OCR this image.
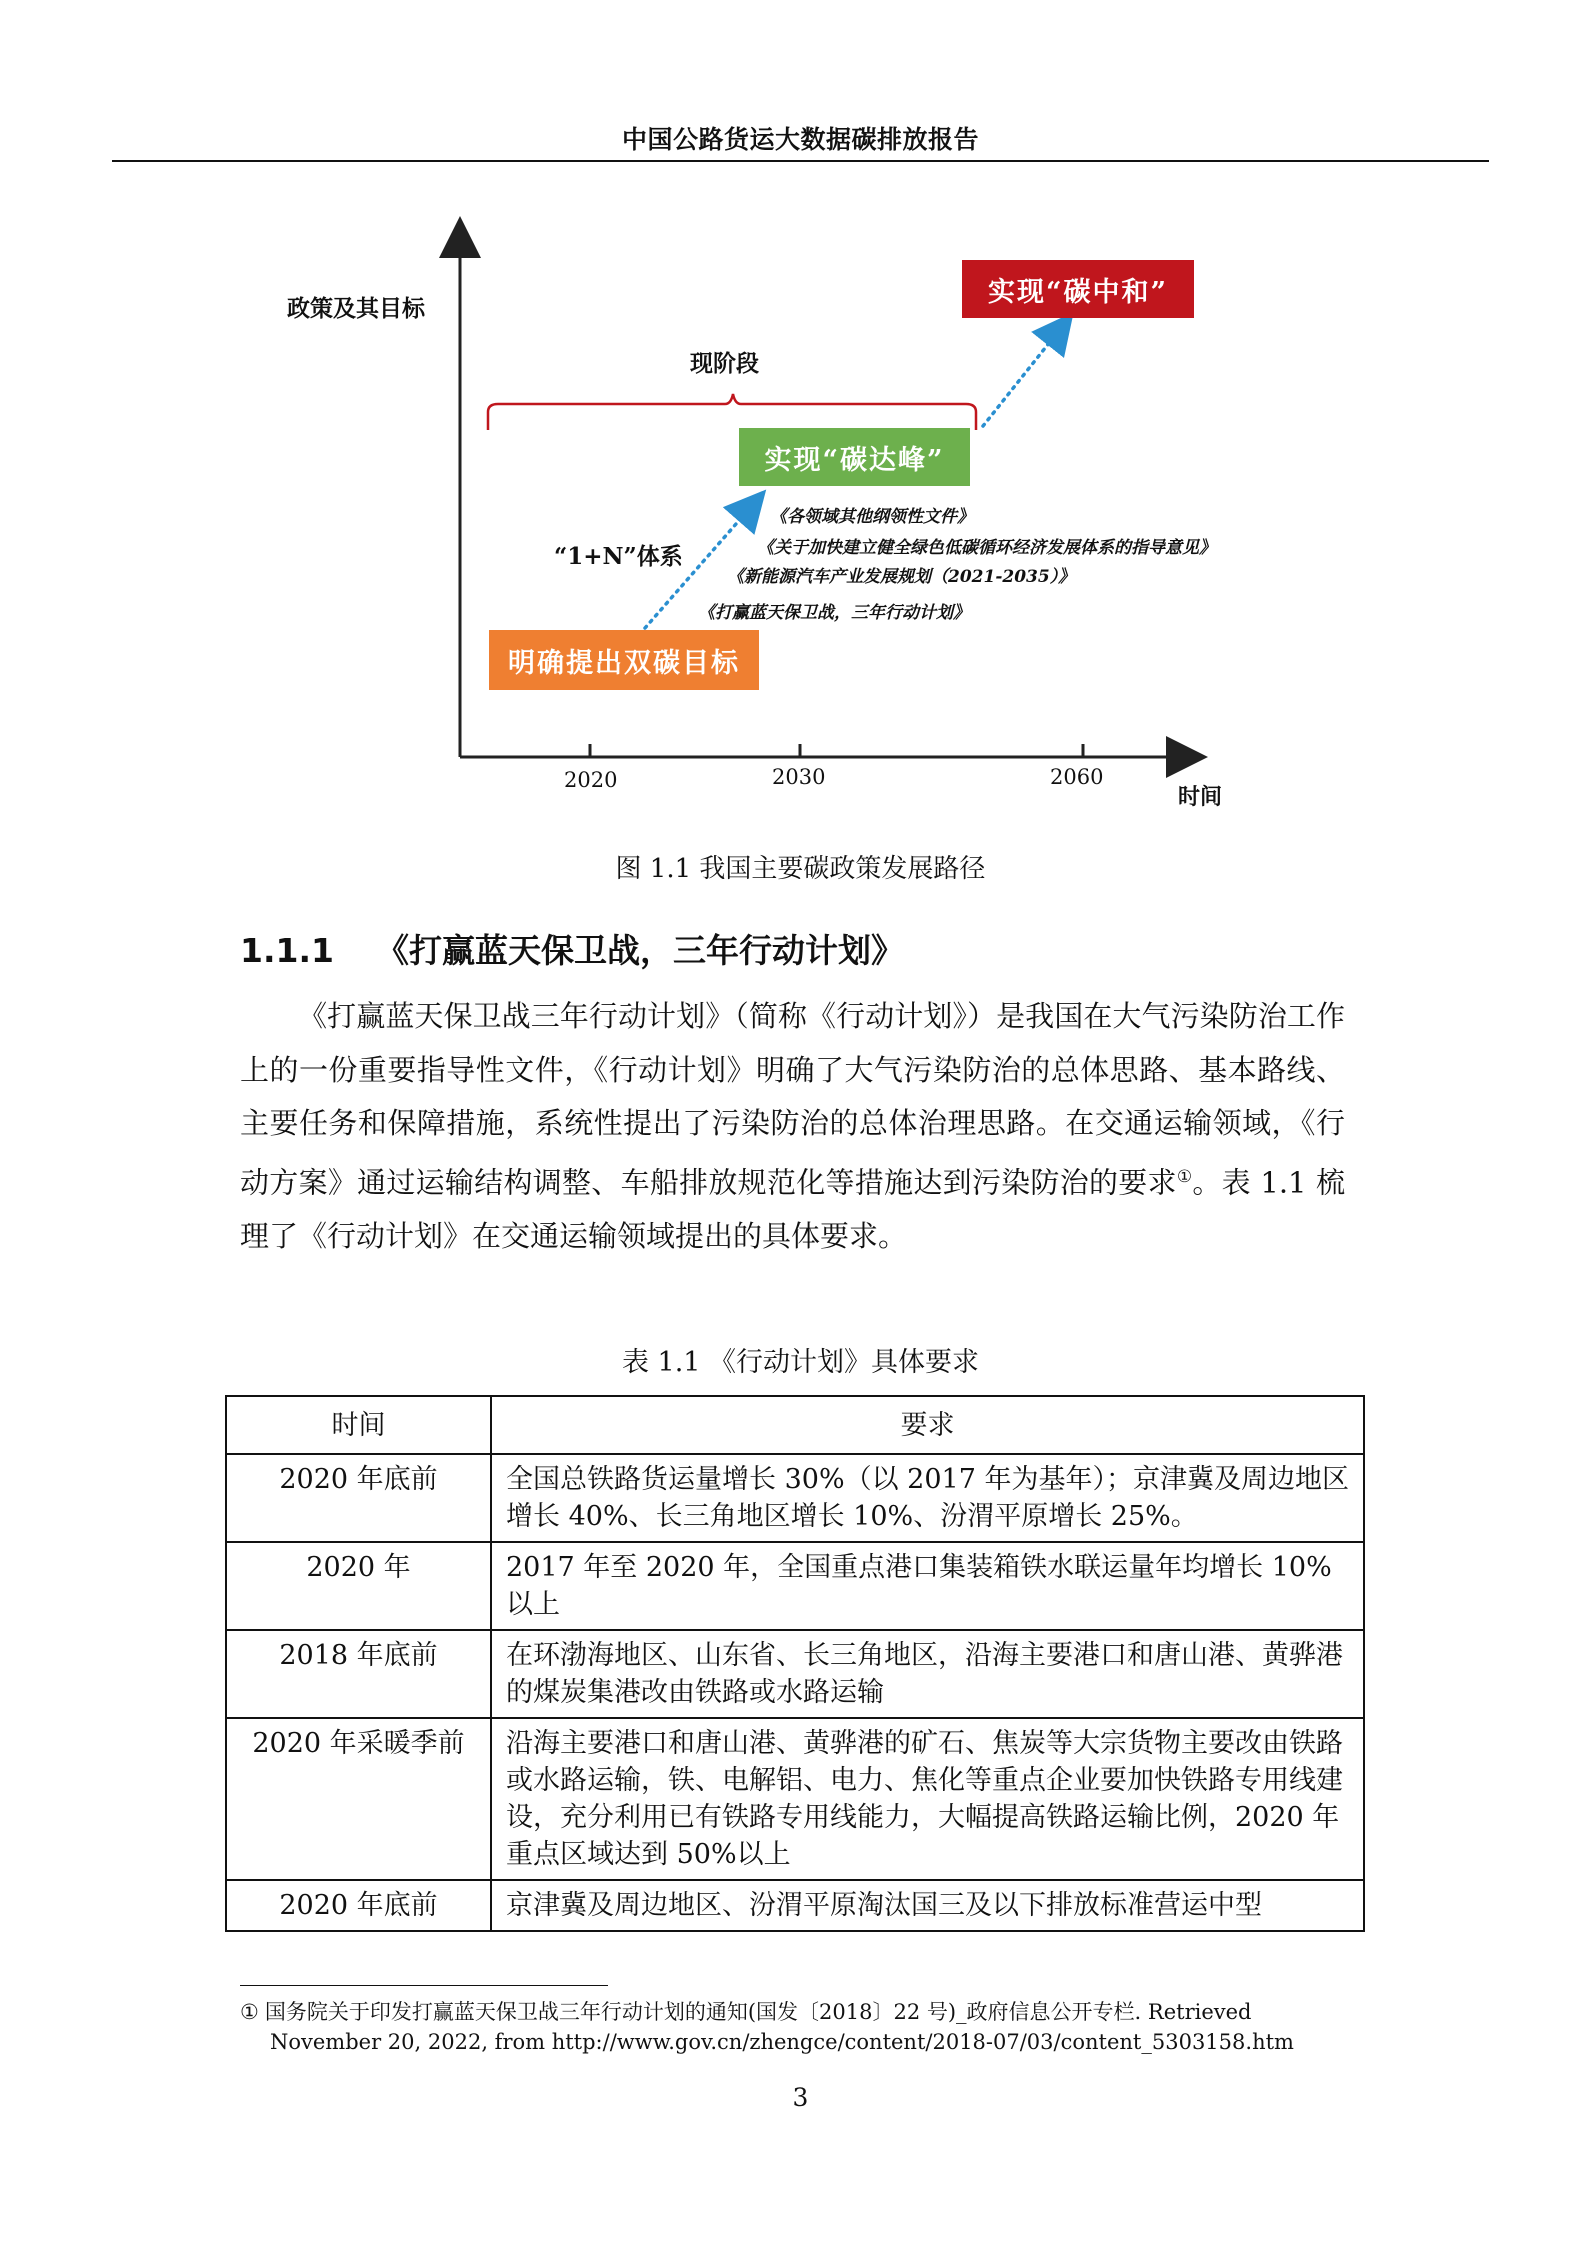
中国公路货运大数据碳排放报告
政策及其目标
现阶段
实现“碳中和”
实现“碳达峰”
明确提出双碳目标
“1+N”体系
《各领域其他纲领性文件》
《关于加快建立健全绿色低碳循环经济发展体系的指导意见》
《新能源汽车产业发展规划（2021-2035）》
《打赢蓝天保卫战，三年行动计划》
2020	2030	2060
时间
图 1.1 我国主要碳政策发展路径
1.1.1 《打赢蓝天保卫战，三年行动计划》
《打赢蓝天保卫战三年行动计划》（简称《行动计划》）是我国在大气污染防治工作上的一份重要指导性文件，《行动计划》明确了大气污染防治的总体思路、基本路线、主要任务和保障措施，系统性提出了污染防治的总体治理思路。在交通运输领域，《行动方案》通过运输结构调整、车船排放规范化等措施达到污染防治的要求①。表 1.1 梳理了《行动计划》在交通运输领域提出的具体要求。
表 1.1 《行动计划》具体要求
时间	要求
2020 年底前	全国总铁路货运量增长 30%（以 2017 年为基年）；京津冀及周边地区增长 40%、长三角地区增长 10%、汾渭平原增长 25%。
2020 年	2017 年至 2020 年，全国重点港口集装箱铁水联运量年均增长 10%以上
2018 年底前	在环渤海地区、山东省、长三角地区，沿海主要港口和唐山港、黄骅港的煤炭集港改由铁路或水路运输
2020 年采暖季前	沿海主要港口和唐山港、黄骅港的矿石、焦炭等大宗货物主要改由铁路或水路运输，铁、电解铝、电力、焦化等重点企业要加快铁路专用线建设，充分利用已有铁路专用线能力，大幅提高铁路运输比例，2020 年重点区域达到 50%以上
2020 年底前	京津冀及周边地区、汾渭平原淘汰国三及以下排放标准营运中型
① 国务院关于印发打赢蓝天保卫战三年行动计划的通知(国发〔2018〕22 号)_政府信息公开专栏. Retrieved
November 20, 2022, from http://www.gov.cn/zhengce/content/2018-07/03/content_5303158.htm
3
